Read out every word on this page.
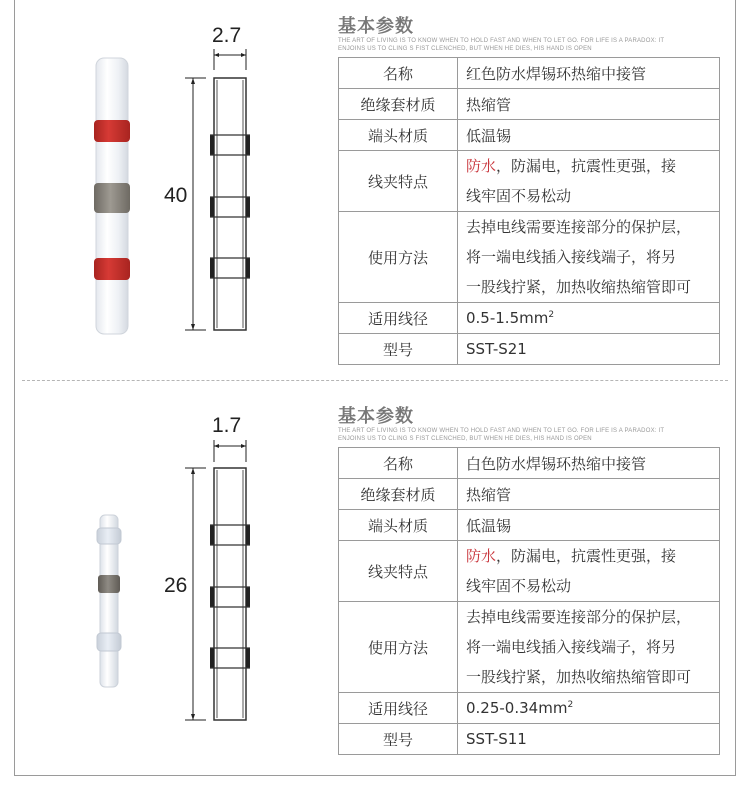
2.7
40
基本参数
THE ART OF LIVING IS TO KNOW WHEN TO HOLD FAST AND WHEN TO LET GO. FOR LIFE IS A PARADOX: IT ENJOINS US TO CLING S FIST CLENCHED, BUT WHEN HE DIES, HIS HAND IS OPEN
名称	红色防水焊锡环热缩中接管
绝缘套材质	热缩管
端头材质	低温锡
线夹特点	防水，防漏电，抗震性更强，接
线牢固不易松动
使用方法	去掉电线需要连接部分的保护层，
将一端电线插入接线端子，将另
一股线拧紧，加热收缩热缩管即可
适用线径	$0.5-1.5mm^2$
型号	SST-S21
1.7
26
基本参数
THE ART OF LIVING IS TO KNOW WHEN TO HOLD FAST AND WHEN TO LET GO. FOR LIFE IS A PARADOX: IT ENJOINS US TO CLING S FIST CLENCHED, BUT WHEN HE DIES, HIS HAND IS OPEN
名称	白色防水焊锡环热缩中接管
绝缘套材质	热缩管
端头材质	低温锡
线夹特点	防水，防漏电，抗震性更强，接
线牢固不易松动
使用方法	去掉电线需要连接部分的保护层，
将一端电线插入接线端子，将另
一股线拧紧，加热收缩热缩管即可
适用线径	$0.25-0.34mm^2$
型号	SST-S11
